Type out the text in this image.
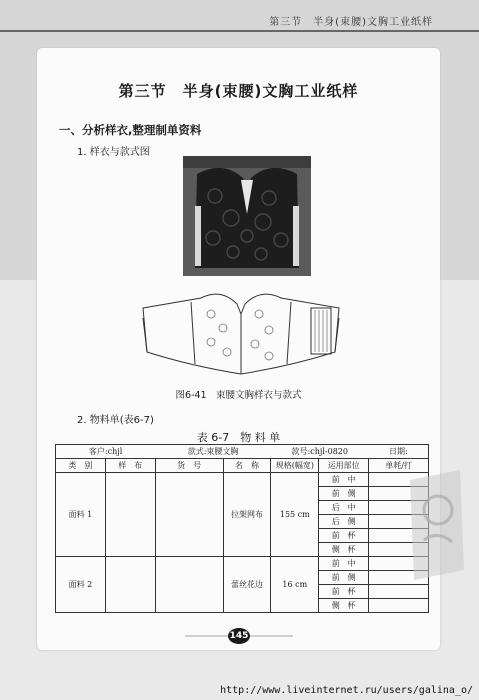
第三节　半身(束腰)文胸工业纸样
第三节　半身(束腰)文胸工业纸样
一、分析样衣,整理制单资料
1. 样衣与款式图
图6-41　束腰文胸样衣与款式
2. 物料单(表6-7)
表 6-7　物 料 单
客户:chjl		款式:束腰文胸		款号:chjl-0820		日期:
类　别	样　布	货　号	名　称	规格(幅宽)	运用部位	单耗/打
面料 1			拉架网布	155 cm	前　中	
					前　侧	
					后　中	
					后　侧	
					前　杯	
					侧　杯	
面料 2			蕾丝花边	16 cm	前　中	
					前　侧	
					前　杯	
					侧　杯	
145
http://www.liveinternet.ru/users/galina_o/
